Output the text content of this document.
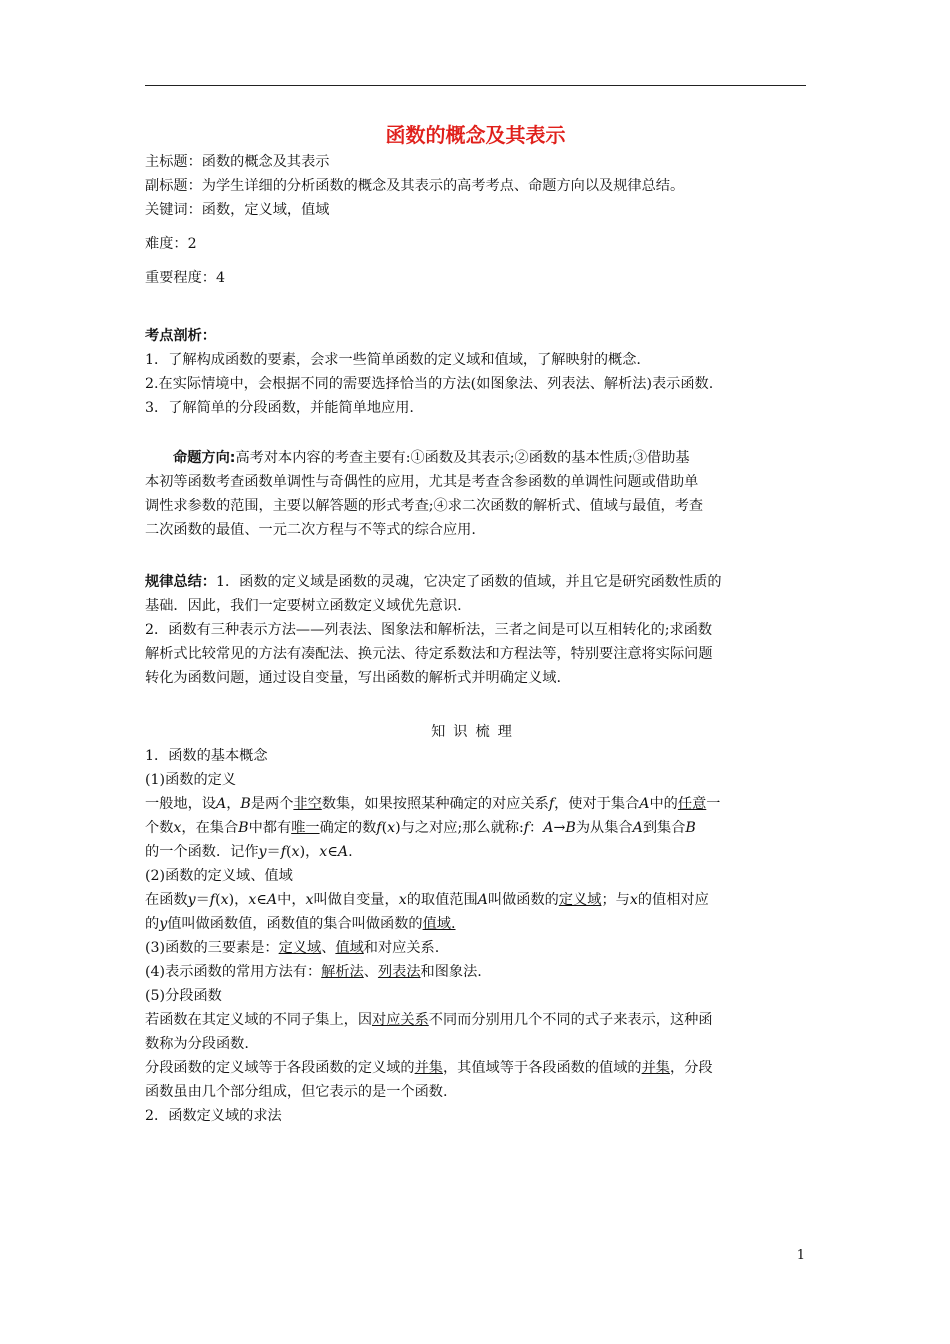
函数的概念及其表示
主标题：函数的概念及其表示
副标题：为学生详细的分析函数的概念及其表示的高考考点、命题方向以及规律总结。
关键词：函数，定义域，值域
难度：2
重要程度：4
考点剖析：
1．了解构成函数的要素，会求一些简单函数的定义域和值域，了解映射的概念.
2.在实际情境中，会根据不同的需要选择恰当的方法(如图象法、列表法、解析法)表示函数.
3．了解简单的分段函数，并能简单地应用.
命题方向:高考对本内容的考查主要有:①函数及其表示;②函数的基本性质;③借助基
本初等函数考查函数单调性与奇偶性的应用，尤其是考查含参函数的单调性问题或借助单
调性求参数的范围，主要以解答题的形式考查;④求二次函数的解析式、值域与最值，考查
二次函数的最值、一元二次方程与不等式的综合应用.
规律总结：1．函数的定义域是函数的灵魂，它决定了函数的值域，并且它是研究函数性质的
基础．因此，我们一定要树立函数定义域优先意识.
2．函数有三种表示方法——列表法、图象法和解析法，三者之间是可以互相转化的;求函数
解析式比较常见的方法有凑配法、换元法、待定系数法和方程法等，特别要注意将实际问题
转化为函数问题，通过设自变量，写出函数的解析式并明确定义域.
知识梳理
1．函数的基本概念
(1)函数的定义
一般地，设A，B是两个非空数集，如果按照某种确定的对应关系f，使对于集合A中的任意一
个数x，在集合B中都有唯一确定的数f(x)与之对应;那么就称:f：A→B为从集合A到集合B
的一个函数．记作y＝f(x)，x∈A.
(2)函数的定义域、值域
在函数y＝f(x)，x∈A中，x叫做自变量，x的取值范围A叫做函数的定义域；与x的值相对应
的y值叫做函数值，函数值的集合叫做函数的值域.
(3)函数的三要素是：定义域、值域和对应关系.
(4)表示函数的常用方法有：解析法、列表法和图象法.
(5)分段函数
若函数在其定义域的不同子集上，因对应关系不同而分别用几个不同的式子来表示，这种函
数称为分段函数.
分段函数的定义域等于各段函数的定义域的并集，其值域等于各段函数的值域的并集，分段
函数虽由几个部分组成，但它表示的是一个函数.
2．函数定义域的求法
1
